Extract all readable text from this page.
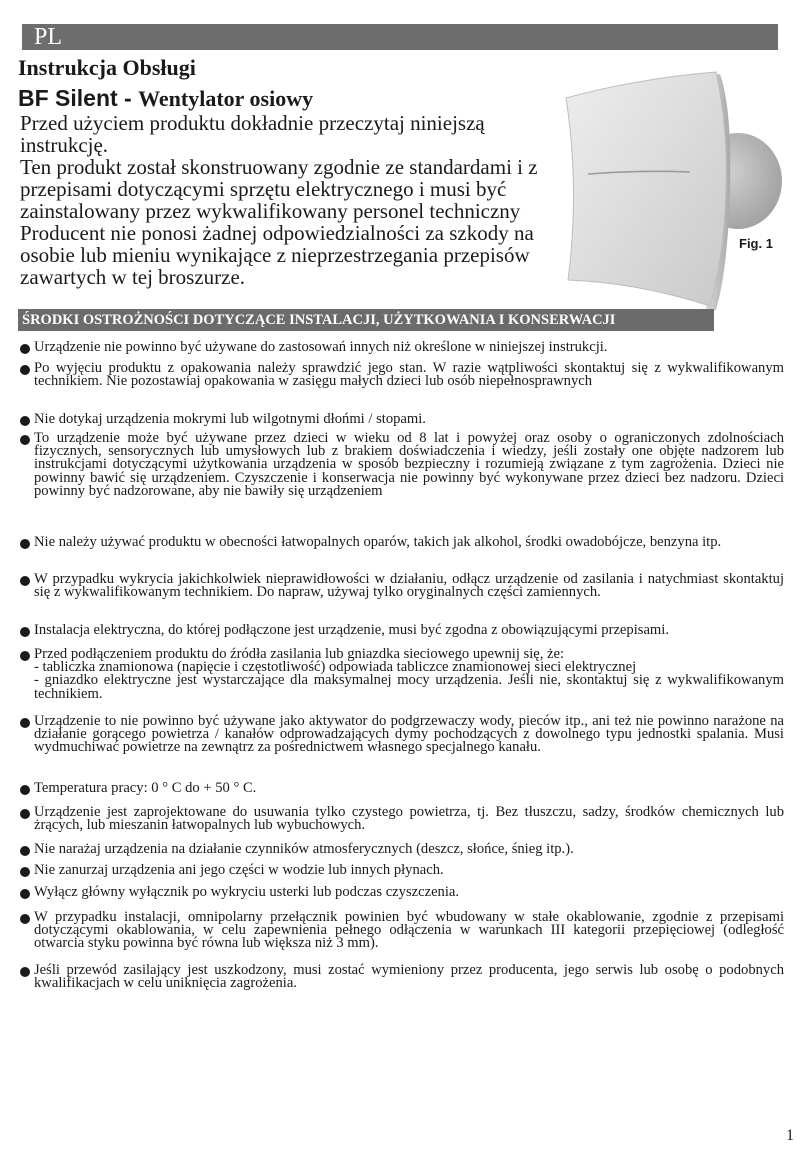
PL
Instrukcja Obsługi
BF Silent - Wentylator osiowy

Przed użyciem produktu dokładnie przeczytaj niniejszą instrukcję.

Ten produkt został skonstruowany zgodnie ze standardami i z przepisami dotyczącymi sprzętu elektrycznego i musi być zainstalowany przez wykwalifikowany personel techniczny

Producent nie ponosi żadnej odpowiedzialności za szkody na osobie lub mieniu wynikające z nieprzestrzegania przepisów zawartych w tej broszurze.

Fig. 1
ŚRODKI OSTROŻNOŚCI DOTYCZĄCE INSTALACJI, UŻYTKOWANIA I KONSERWACJI
Urządzenie nie powinno być używane do zastosowań innych niż określone w niniejszej instrukcji.
Po wyjęciu produktu z opakowania należy sprawdzić jego stan. W razie wątpliwości skontaktuj się z wykwalifikowanym technikiem. Nie pozostawiaj opakowania w zasięgu małych dzieci lub osób niepełnosprawnych
Nie dotykaj urządzenia mokrymi lub wilgotnymi dłońmi / stopami.
To urządzenie może być używane przez dzieci w wieku od 8 lat i powyżej oraz osoby o ograniczonych zdolnościach fizycznych, sensorycznych lub umysłowych lub z brakiem doświadczenia i wiedzy, jeśli zostały one objęte nadzorem lub instrukcjami dotyczącymi użytkowania urządzenia w sposób bezpieczny i rozumieją związane z tym zagrożenia. Dzieci nie powinny bawić się urządzeniem. Czyszczenie i konserwacja nie powinny być wykonywane przez dzieci bez nadzoru. Dzieci powinny być nadzorowane, aby nie bawiły się urządzeniem
Nie należy używać produktu w obecności łatwopalnych oparów, takich jak alkohol, środki owadobójcze, benzyna itp.
W przypadku wykrycia jakichkolwiek nieprawidłowości w działaniu, odłącz urządzenie od zasilania i natychmiast skontaktuj się z wykwalifikowanym technikiem. Do napraw, używaj tylko oryginalnych części zamiennych.
Instalacja elektryczna, do której podłączone jest urządzenie, musi być zgodna z obowiązującymi przepisami.
Przed podłączeniem produktu do źródła zasilania lub gniazdka sieciowego upewnij się, że:
- tabliczka znamionowa (napięcie i częstotliwość) odpowiada tabliczce znamionowej sieci elektrycznej
- gniazdko elektryczne jest wystarczające dla maksymalnej mocy urządzenia. Jeśli nie, skontaktuj się z wykwalifikowanym technikiem.
Urządzenie to nie powinno być używane jako aktywator do podgrzewaczy wody, pieców itp., ani też nie powinno narażone na działanie gorącego powietrza / kanałów odprowadzających dymy pochodzących z dowolnego typu jednostki spalania. Musi wydmuchiwać powietrze na zewnątrz za pośrednictwem własnego specjalnego kanału.
Temperatura pracy: 0 ° C do + 50 ° C.
Urządzenie jest zaprojektowane do usuwania tylko czystego powietrza, tj. Bez tłuszczu, sadzy, środków chemicznych lub żrących, lub mieszanin łatwopalnych lub wybuchowych.
Nie narażaj urządzenia na działanie czynników atmosferycznych (deszcz, słońce, śnieg itp.).
Nie zanurzaj urządzenia ani jego części w wodzie lub innych płynach.
Wyłącz główny wyłącznik po wykryciu usterki lub podczas czyszczenia.
W przypadku instalacji, omnipolarny przełącznik powinien być wbudowany w stałe okablowanie, zgodnie z przepisami dotyczącymi okablowania, w celu zapewnienia pełnego odłączenia w warunkach III kategorii przepięciowej (odległość otwarcia styku powinna być równa lub większa niż 3 mm).
Jeśli przewód zasilający jest uszkodzony, musi zostać wymieniony przez producenta, jego serwis lub osobę o podobnych kwalifikacjach w celu uniknięcia zagrożenia.
1
